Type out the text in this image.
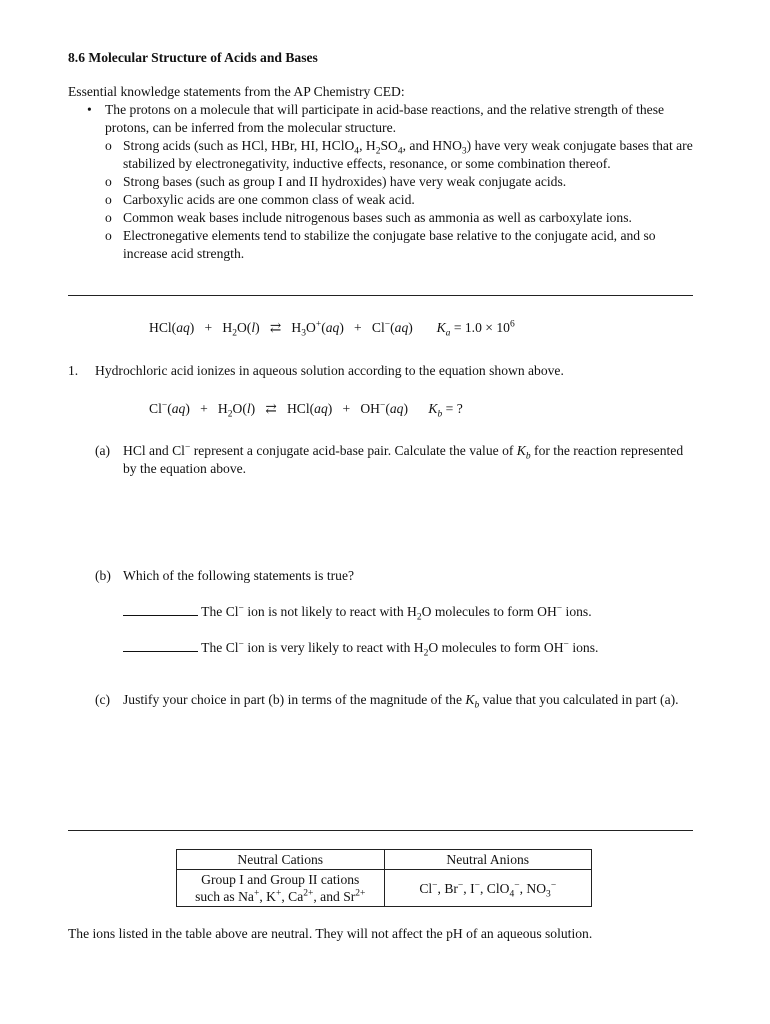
8.6 Molecular Structure of Acids and Bases
Essential knowledge statements from the AP Chemistry CED:
• The protons on a molecule that will participate in acid-base reactions, and the relative strength of these protons, can be inferred from the molecular structure.
o Strong acids (such as HCl, HBr, HI, HClO$_4$, $H_2SO_4$, and $HNO_3$) have very weak conjugate bases that are stabilized by electronegativity, inductive effects, resonance, or some combination thereof.
o Strong bases (such as group I and II hydroxides) have very weak conjugate acids.
o Carboxylic acids are one common class of weak acid.
o Common weak bases include nitrogenous bases such as ammonia as well as carboxylate ions.
o Electronegative elements tend to stabilize the conjugate base relative to the conjugate acid, and so increase acid strength.
$HCl(aq) + H_2O(l)$   ⇄   $H_3O^+(aq) + Cl^-(aq)$       $K_a = 1.0 \times 10^6$
1. Hydrochloric acid ionizes in aqueous solution according to the equation shown above.
$Cl^-(aq) + H_2O(l)$   ⇄   HCl(aq)   +   OH−(aq)      $K_b$ = ?
(a) HCl and Cl− represent a conjugate acid-base pair. Calculate the value of $K_b$ for the reaction represented by the equation above.
(b) Which of the following statements is true?
The Cl− ion is not likely to react with $H_2O$ molecules to form OH− ions.
The Cl− ion is very likely to react with $H_2O$ molecules to form OH− ions.
(c) Justify your choice in part (b) in terms of the magnitude of the $K_b$ value that you calculated in part (a).
Neutral Cations	Neutral Anions
Group I and Group II cations
such as Na+, K+, $Ca^{2+}$, and $Sr^{2+}$	Cl−, Br−, I−, ClO$_4$−, $NO_3^-$
The ions listed in the table above are neutral. They will not affect the pH of an aqueous solution.
